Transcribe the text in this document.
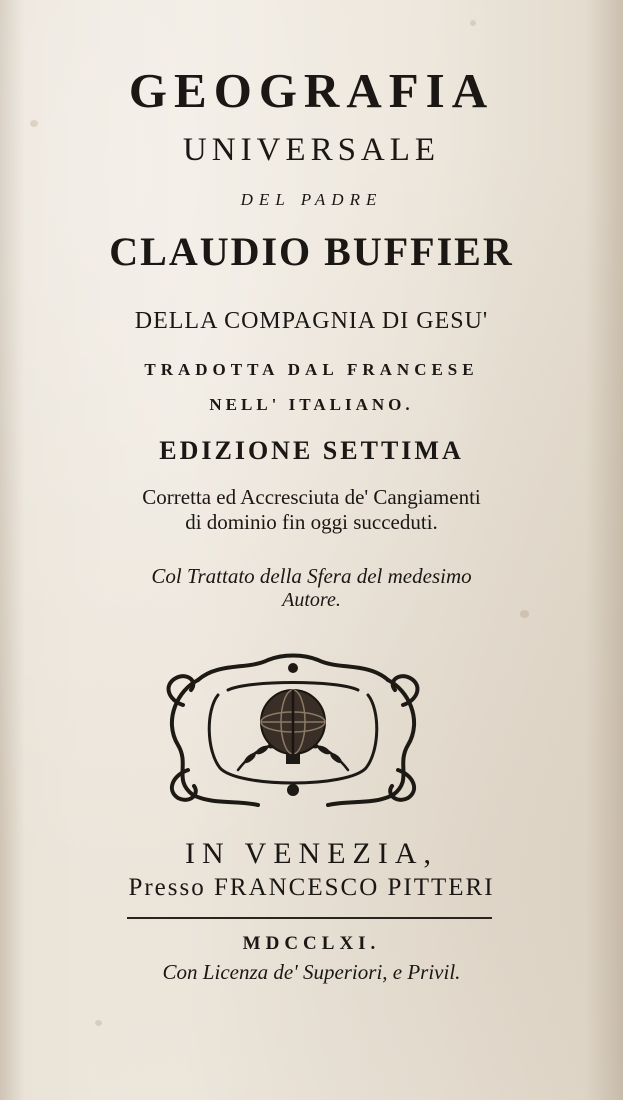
GEOGRAFIA
UNIVERSALE
DEL PADRE
CLAUDIO BUFFIER
DELLA COMPAGNIA DI GESU'
TRADOTTA DAL FRANCESE
NELL' ITALIANO.
EDIZIONE SETTIMA
Corretta ed Accresciuta de' Cangiamenti
di dominio fin oggi succeduti.
Col Trattato della Sfera del medesimo
Autore.
IN VENEZIA,
Presso FRANCESCO PITTERI
MDCCLXI.
Con Licenza de' Superiori, e Privil.
